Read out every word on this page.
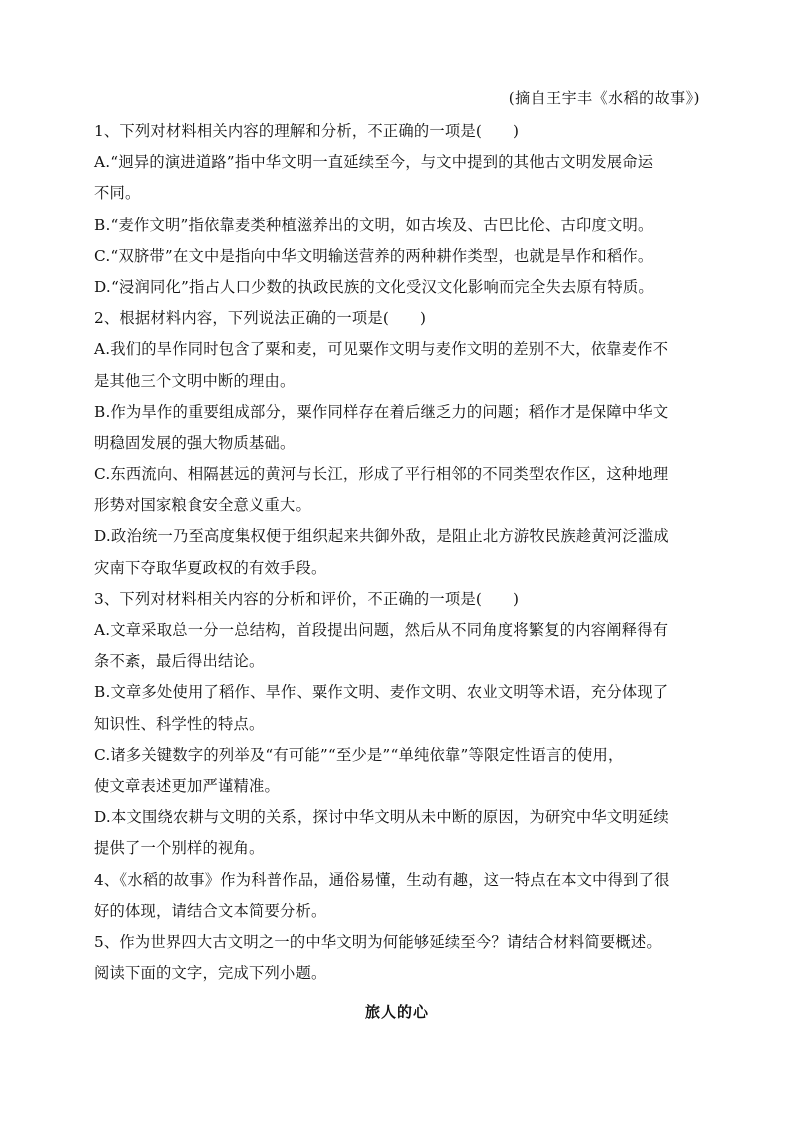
(摘自王宇丰《水稻的故事》)
1、下列对材料相关内容的理解和分析，不正确的一项是(　　)
A.“迥异的演进道路”指中华文明一直延续至今，与文中提到的其他古文明发展命运
不同。
B.“麦作文明”指依靠麦类种植滋养出的文明，如古埃及、古巴比伦、古印度文明。
C.“双脐带”在文中是指向中华文明输送营养的两种耕作类型，也就是旱作和稻作。
D.“浸润同化”指占人口少数的执政民族的文化受汉文化影响而完全失去原有特质。
2、根据材料内容，下列说法正确的一项是(　　)
A.我们的旱作同时包含了粟和麦，可见粟作文明与麦作文明的差别不大，依靠麦作不
是其他三个文明中断的理由。
B.作为旱作的重要组成部分，粟作同样存在着后继乏力的问题；稻作才是保障中华文
明稳固发展的强大物质基础。
C.东西流向、相隔甚远的黄河与长江，形成了平行相邻的不同类型农作区，这种地理
形势对国家粮食安全意义重大。
D.政治统一乃至高度集权便于组织起来共御外敌，是阻止北方游牧民族趁黄河泛滥成
灾南下夺取华夏政权的有效手段。
3、下列对材料相关内容的分析和评价，不正确的一项是(　　)
A.文章采取总一分一总结构，首段提出问题，然后从不同角度将繁复的内容阐释得有
条不紊，最后得出结论。
B.文章多处使用了稻作、旱作、粟作文明、麦作文明、农业文明等术语，充分体现了
知识性、科学性的特点。
C.诸多关键数字的列举及“有可能”“至少是”“单纯依靠”等限定性语言的使用，
使文章表述更加严谨精准。
D.本文围绕农耕与文明的关系，探讨中华文明从未中断的原因，为研究中华文明延续
提供了一个别样的视角。
4、《水稻的故事》作为科普作品，通俗易懂，生动有趣，这一特点在本文中得到了很
好的体现，请结合文本简要分析。
5、作为世界四大古文明之一的中华文明为何能够延续至今？请结合材料简要概述。
阅读下面的文字，完成下列小题。
旅人的心
